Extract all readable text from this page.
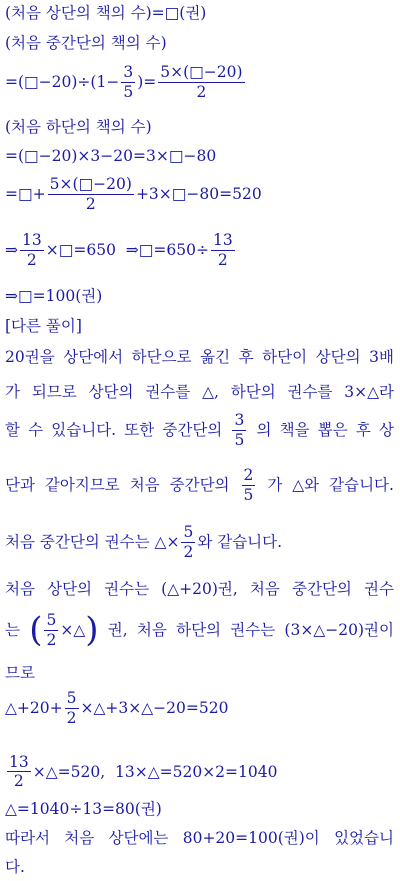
(처음 상단의 책의 수)=□(권)
(처음 중간단의 책의 수)
=(□−20)÷(1− $\frac{3}{5}$ )= $\frac{5\times(□-20)}{2}$
(처음 하단의 책의 수)
=(□−20)×3−20=3×□−80
=□+ $\frac{5\times(□-20)}{2}$ +3×□−80=520
⇒ $\frac{13}{2}$ ×□=650  ⇒□=650÷ $\frac{13}{2}$
⇒□=100(권)
[다른 풀이]
20권을 상단에서 하단으로 옮긴 후 하단이 상단의 3배
가 되므로 상단의 권수를 △, 하단의 권수를 3×△라
할 수 있습니다. 또한 중간단의 $\frac{3}{5}$ 의 책을 뽑은 후 상
단과 같아지므로 처음 중간단의 $\frac{2}{5}$ 가 △와 같습니다.
처음 중간단의 권수는 △× $\frac{5}{2}$ 와 같습니다.
처음 상단의 권수는 (△+20)권, 처음 중간단의 권수
는 ( $\frac{5}{2}$ ×△ ) 권, 처음 하단의 권수는 (3×△−20)권이
므로
△+20+ $\frac{5}{2}$ ×△+3×△−20=520
$\frac{13}{2}$ ×△=520,  13×△=520×2=1040
△=1040÷13=80(권)
따라서 처음 상단에는 80+20=100(권)이 있었습니
다.
